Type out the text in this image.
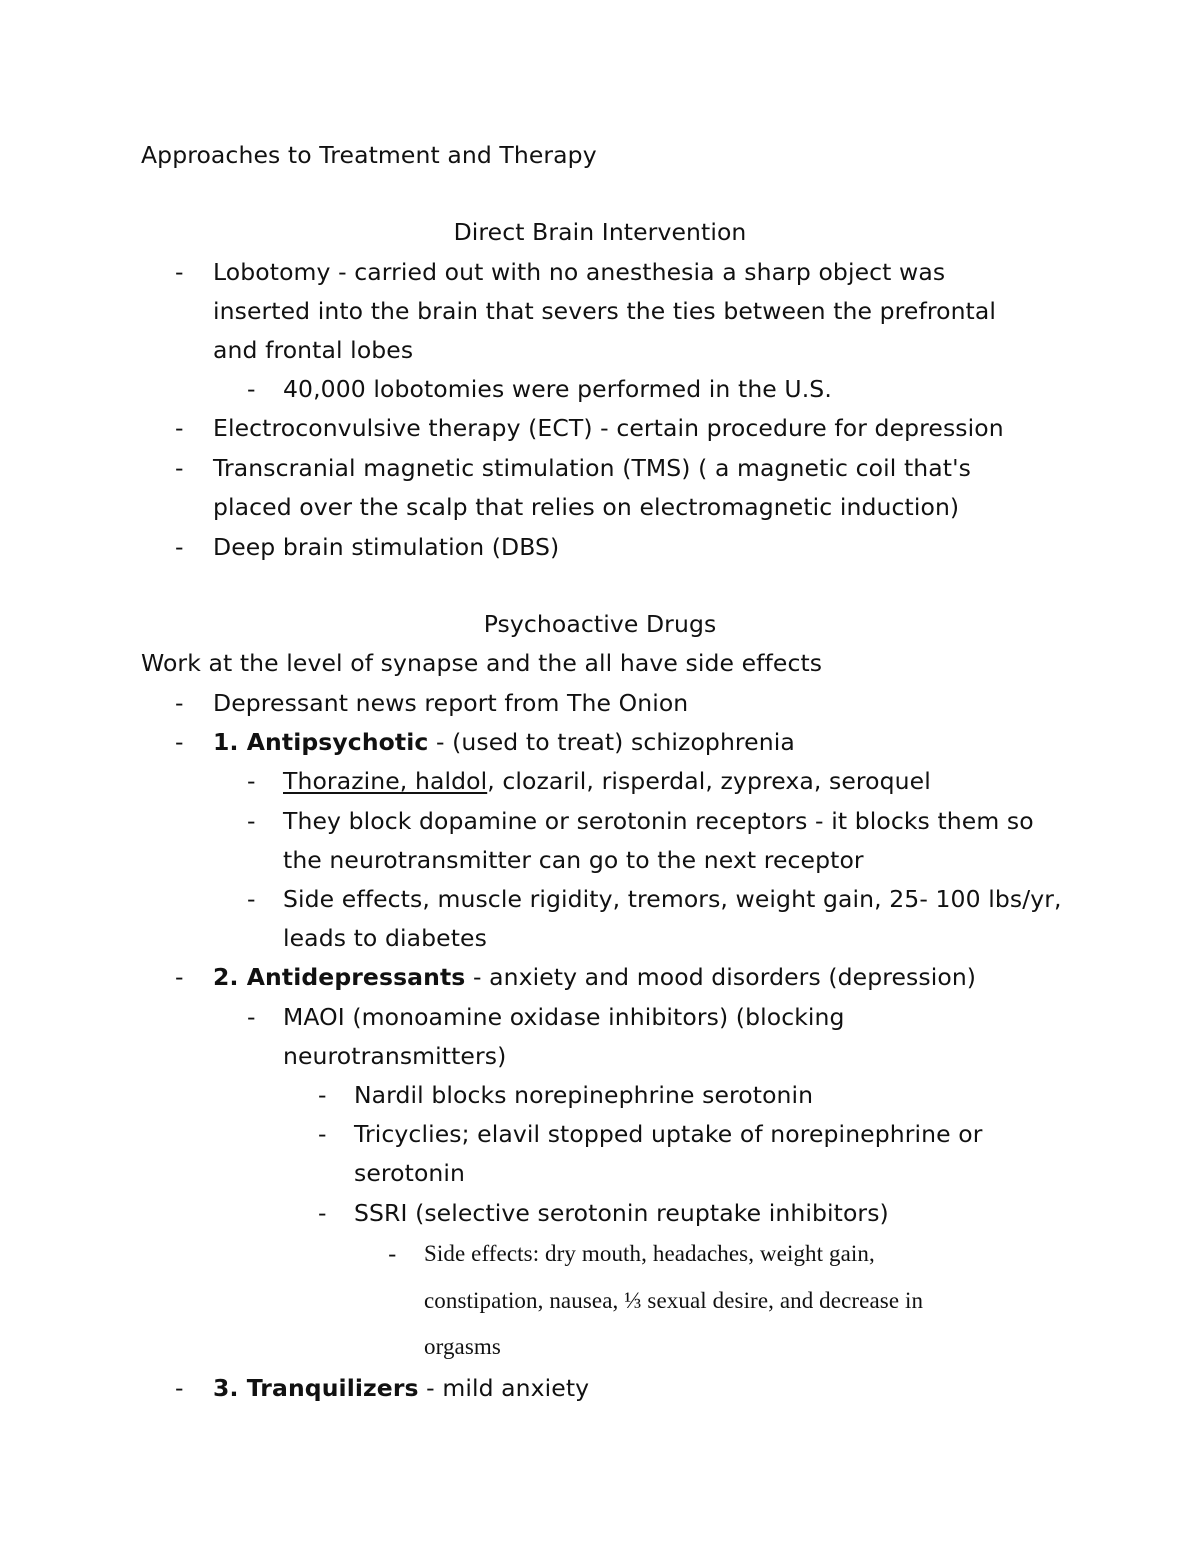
Approaches to Treatment and Therapy
Direct Brain Intervention
- Lobotomy - carried out with no anesthesia a sharp object was
inserted into the brain that severs the ties between the prefrontal
and frontal lobes
- 40,000 lobotomies were performed in the U.S.
- Electroconvulsive therapy (ECT) - certain procedure for depression
- Transcranial magnetic stimulation (TMS) ( a magnetic coil that's
placed over the scalp that relies on electromagnetic induction)
- Deep brain stimulation (DBS)
Psychoactive Drugs
Work at the level of synapse and the all have side effects
- Depressant news report from The Onion
- 1. Antipsychotic - (used to treat) schizophrenia
- Thorazine, haldol, clozaril, risperdal, zyprexa, seroquel
- They block dopamine or serotonin receptors - it blocks them so
the neurotransmitter can go to the next receptor
- Side effects, muscle rigidity, tremors, weight gain, 25- 100 lbs/yr,
leads to diabetes
- 2. Antidepressants - anxiety and mood disorders (depression)
- MAOI (monoamine oxidase inhibitors) (blocking
neurotransmitters)
- Nardil blocks norepinephrine serotonin
- Tricyclies; elavil stopped uptake of norepinephrine or
serotonin
- SSRI (selective serotonin reuptake inhibitors)
- Side effects: dry mouth, headaches, weight gain,
constipation, nausea, ⅓ sexual desire, and decrease in
orgasms
- 3. Tranquilizers - mild anxiety
